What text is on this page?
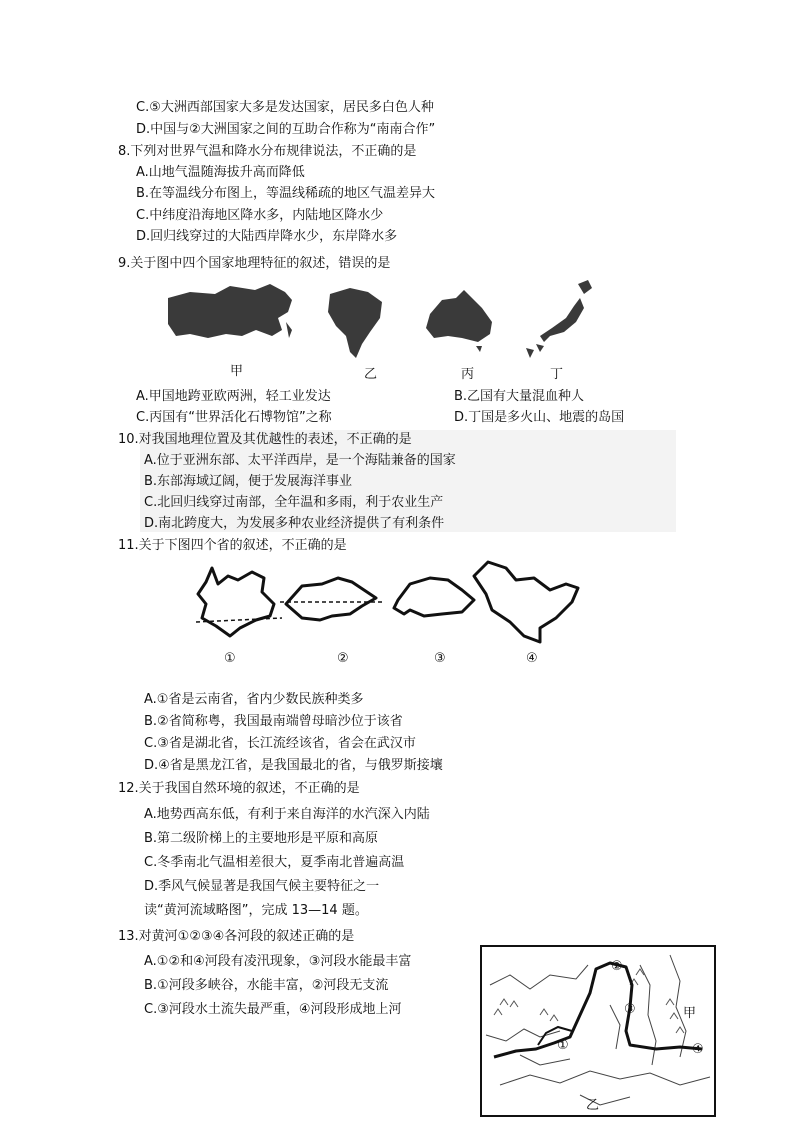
C.⑤大洲西部国家大多是发达国家，居民多白色人种
D.中国与②大洲国家之间的互助合作称为“南南合作”
8.下列对世界气温和降水分布规律说法，不正确的是
A.山地气温随海拔升高而降低
B.在等温线分布图上，等温线稀疏的地区气温差异大
C.中纬度沿海地区降水多，内陆地区降水少
D.回归线穿过的大陆西岸降水少，东岸降水多
9.关于图中四个国家地理特征的叙述，错误的是
甲	乙	丙	丁
A.甲国地跨亚欧两洲，轻工业发达	B.乙国有大量混血种人
C.丙国有“世界活化石博物馆”之称	D.丁国是多火山、地震的岛国
10.对我国地理位置及其优越性的表述，不正确的是
A.位于亚洲东部、太平洋西岸，是一个海陆兼备的国家
B.东部海域辽阔，便于发展海洋事业
C.北回归线穿过南部，全年温和多雨，利于农业生产
D.南北跨度大，为发展多种农业经济提供了有利条件
11.关于下图四个省的叙述，不正确的是
①	②	③	④
A.①省是云南省，省内少数民族种类多
B.②省简称粤，我国最南端曾母暗沙位于该省
C.③省是湖北省，长江流经该省，省会在武汉市
D.④省是黑龙江省，是我国最北的省，与俄罗斯接壤
12.关于我国自然环境的叙述，不正确的是
A.地势西高东低，有利于来自海洋的水汽深入内陆
B.第二级阶梯上的主要地形是平原和高原
C.冬季南北气温相差很大，夏季南北普遍高温
D.季风气候显著是我国气候主要特征之一
读“黄河流域略图”，完成 13—14 题。
13.对黄河①②③④各河段的叙述正确的是
A.①②和④河段有凌汛现象，③河段水能最丰富
B.①河段多峡谷，水能丰富，②河段无支流
C.③河段水土流失最严重，④河段形成地上河
①
②
③
④
甲
乙
